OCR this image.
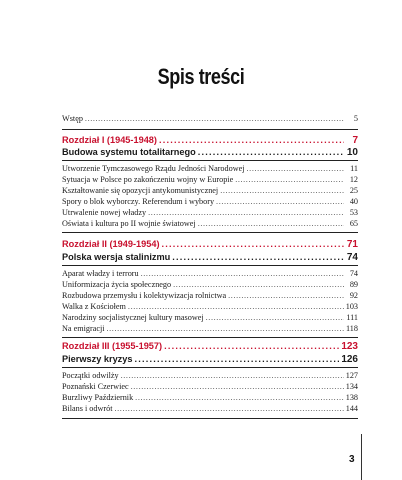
Spis treści
Wstęp .....	5
Rozdział I (1945-1948) .....	7
Budowa systemu totalitarnego .....	10
Utworzenie Tymczasowego Rządu Jedności Narodowej .....	11
Sytuacja w Polsce po zakończeniu wojny w Europie .....	12
Kształtowanie się opozycji antykomunistycznej .....	25
Spory o blok wyborczy. Referendum i wybory .....	40
Utrwalenie nowej władzy .....	53
Oświata i kultura po II wojnie światowej .....	65
Rozdział II (1949-1954) .....	71
Polska wersja stalinizmu .....	74
Aparat władzy i terroru .....	74
Uniformizacja życia społecznego .....	89
Rozbudowa przemysłu i kolektywizacja rolnictwa .....	92
Walka z Kościołem .....	103
Narodziny socjalistycznej kultury masowej .....	111
Na emigracji .....	118
Rozdział III (1955-1957) .....	123
Pierwszy kryzys .....	126
Początki odwilży .....	127
Poznański Czerwiec .....	134
Burzliwy Październik .....	138
Bilans i odwrót .....	144
3
